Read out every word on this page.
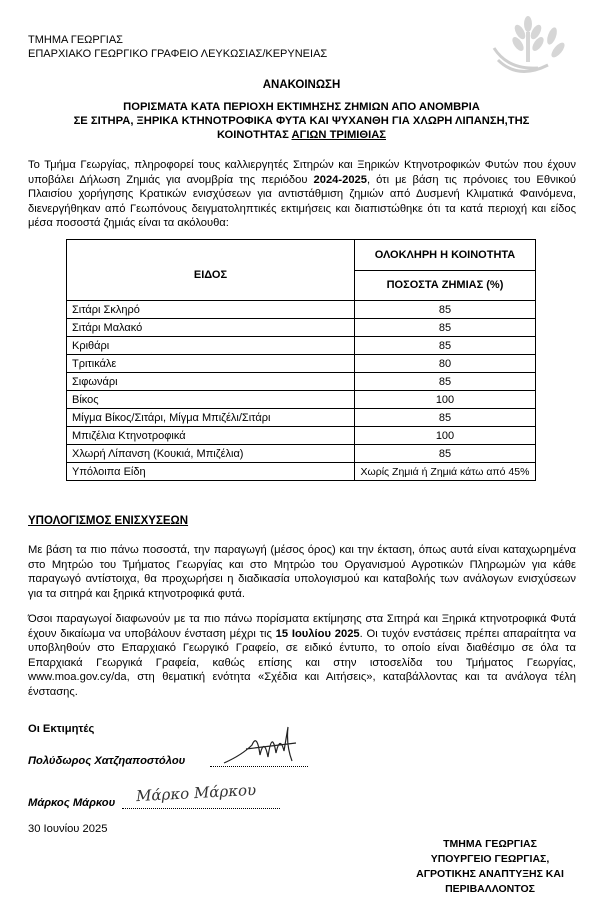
ΤΜΗΜΑ ΓΕΩΡΓΙΑΣ
ΕΠΑΡΧΙΑΚΟ ΓΕΩΡΓΙΚΟ ΓΡΑΦΕΙΟ ΛΕΥΚΩΣΙΑΣ/ΚΕΡΥΝΕΙΑΣ
ΑΝΑΚΟΙΝΩΣΗ
ΠΟΡΙΣΜΑΤΑ ΚΑΤΑ ΠΕΡΙΟΧΗ ΕΚΤΙΜΗΣΗΣ ΖΗΜΙΩΝ ΑΠΟ ΑΝΟΜΒΡΙΑ
ΣΕ ΣΙΤΗΡΑ, ΞΗΡΙΚΑ ΚΤΗΝΟΤΡΟΦΙΚΑ ΦΥΤΑ ΚΑΙ ΨΥΧΑΝΘΗ ΓΙΑ ΧΛΩΡΗ ΛΙΠΑΝΣΗ,ΤΗΣ
ΚΟΙΝΟΤΗΤΑΣ ΑΓΙΩΝ ΤΡΙΜΙΘΙΑΣ
Το Τμήμα Γεωργίας, πληροφορεί τους καλλιεργητές Σιτηρών και Ξηρικών Κτηνοτροφικών Φυτών που έχουν υποβάλει Δήλωση Ζημιάς για ανομβρία της περιόδου 2024-2025, ότι με βάση τις πρόνοιες του Εθνικού Πλαισίου χορήγησης Κρατικών ενισχύσεων για αντιστάθμιση ζημιών από Δυσμενή Κλιματικά Φαινόμενα, διενεργήθηκαν από Γεωπόνους δειγματοληπτικές εκτιμήσεις και διαπιστώθηκε ότι τα κατά περιοχή και είδος μέσα ποσοστά ζημιάς είναι τα ακόλουθα:
ΕΙΔΟΣ	ΟΛΟΚΛΗΡΗ Η ΚΟΙΝΟΤΗΤΑ
	ΠΟΣΟΣΤΑ ΖΗΜΙΑΣ (%)
Σιτάρι Σκληρό	85
Σιτάρι Μαλακό	85
Κριθάρι	85
Τριτικάλε	80
Σιφωνάρι	85
Βίκος	100
Μίγμα Βίκος/Σιτάρι, Μίγμα Μπιζέλι/Σιτάρι	85
Μπιζέλια Κτηνοτροφικά	100
Χλωρή Λίπανση (Κουκιά, Μπιζέλια)	85
Υπόλοιπα Είδη	Χωρίς Ζημιά ή Ζημιά κάτω από 45%
ΥΠΟΛΟΓΙΣΜΟΣ ΕΝΙΣΧΥΣΕΩΝ
Με βάση τα πιο πάνω ποσοστά, την παραγωγή (μέσος όρος) και την έκταση, όπως αυτά είναι καταχωρημένα στο Μητρώο του Τμήματος Γεωργίας και στο Μητρώο του Οργανισμού Αγροτικών Πληρωμών για κάθε παραγωγό αντίστοιχα, θα προχωρήσει η διαδικασία υπολογισμού και καταβολής των ανάλογων ενισχύσεων για τα σιτηρά και ξηρικά κτηνοτροφικά φυτά.
Όσοι παραγωγοί διαφωνούν με τα πιο πάνω πορίσματα εκτίμησης στα Σιτηρά και Ξηρικά κτηνοτροφικά Φυτά έχουν δικαίωμα να υποβάλουν ένσταση μέχρι τις 15 Ιουλίου 2025. Οι τυχόν ενστάσεις πρέπει απαραίτητα να υποβληθούν στο Επαρχιακό Γεωργικό Γραφείο, σε ειδικό έντυπο, το οποίο είναι διαθέσιμο σε όλα τα Επαρχιακά Γεωργικά Γραφεία, καθώς επίσης και στην ιστοσελίδα του Τμήματος Γεωργίας, www.moa.gov.cy/da, στη θεματική ενότητα «Σχέδια και Αιτήσεις», καταβάλλοντας και τα ανάλογα τέλη ένστασης.
Οι Εκτιμητές
Πολύδωρος Χατζηαποστόλου
Μάρκος Μάρκου Μάρκο Μάρκου
30 Ιουνίου 2025
ΤΜΗΜΑ ΓΕΩΡΓΙΑΣ
ΥΠΟΥΡΓΕΙΟ ΓΕΩΡΓΙΑΣ,
ΑΓΡΟΤΙΚΗΣ ΑΝΑΠΤΥΞΗΣ ΚΑΙ
ΠΕΡΙΒΑΛΛΟΝΤΟΣ
